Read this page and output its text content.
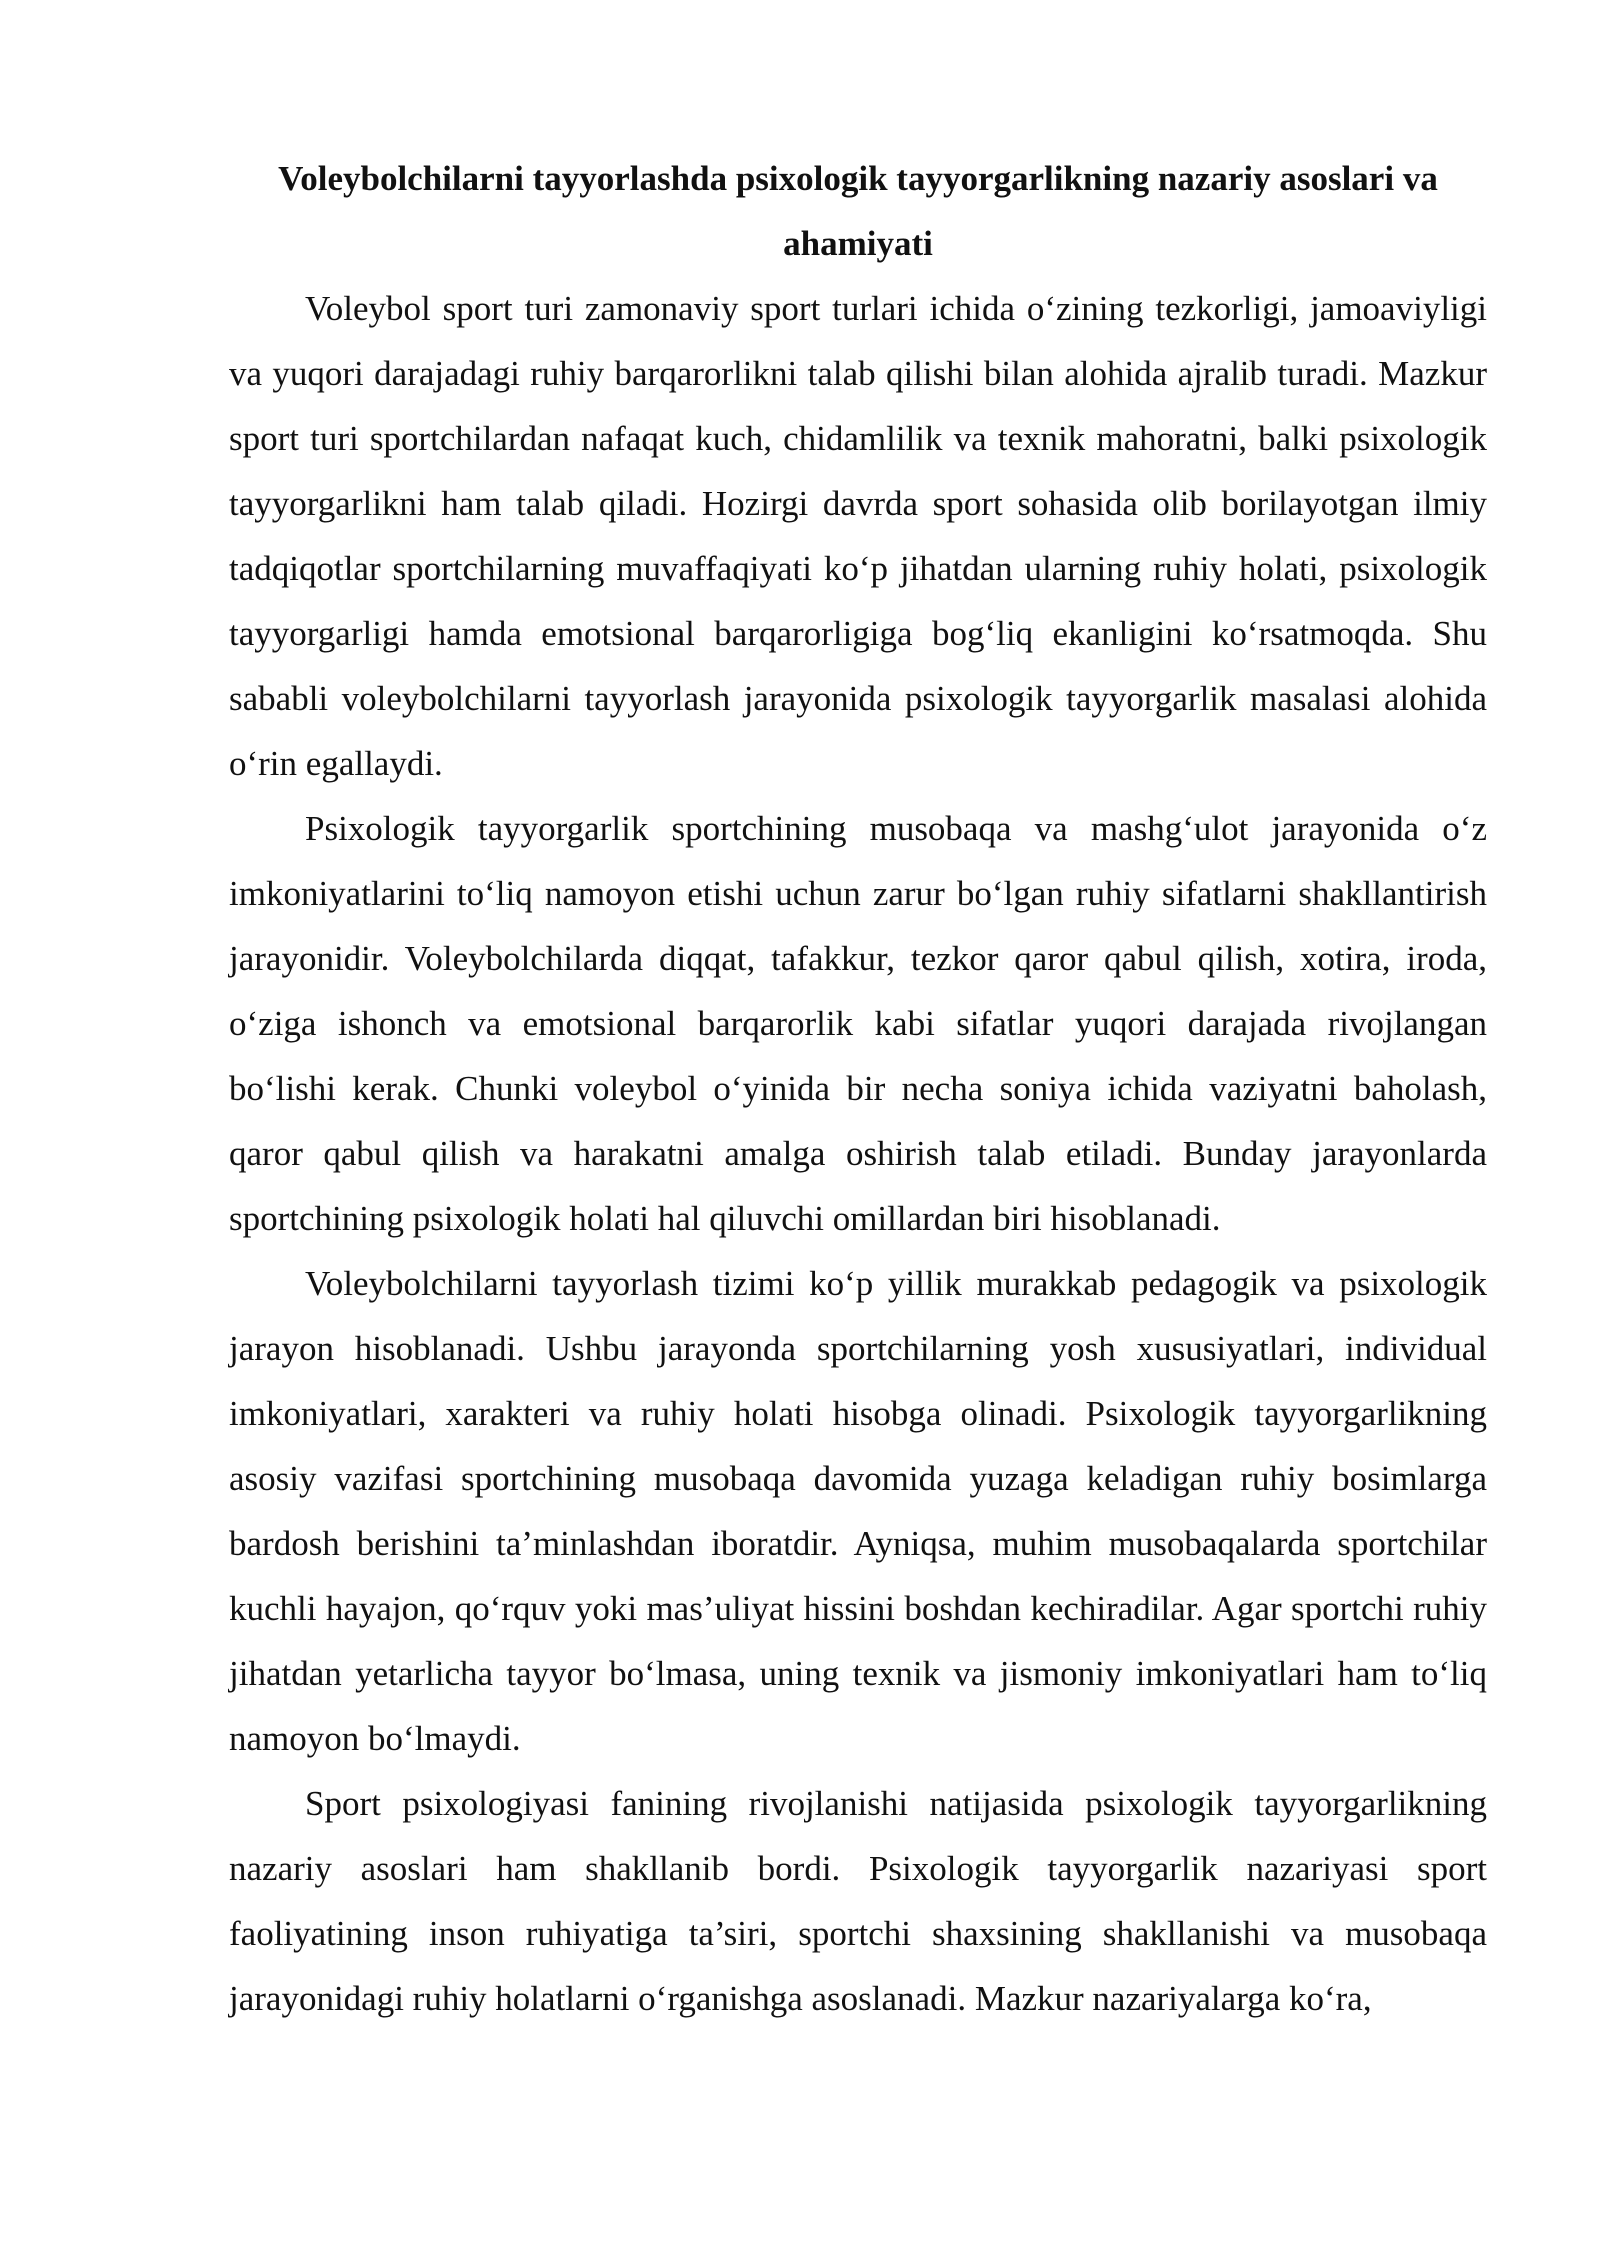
Voleybolchilarni tayyorlashda psixologik tayyorgarlikning nazariy asoslari va ahamiyati

Voleybol sport turi zamonaviy sport turlari ichida o‘zining tezkorligi, jamoaviyligi va yuqori darajadagi ruhiy barqarorlikni talab qilishi bilan alohida ajralib turadi. Mazkur sport turi sportchilardan nafaqat kuch, chidamlilik va texnik mahoratni, balki psixologik tayyorgarlikni ham talab qiladi. Hozirgi davrda sport sohasida olib borilayotgan ilmiy tadqiqotlar sportchilarning muvaffaqiyati ko‘p jihatdan ularning ruhiy holati, psixologik tayyorgarligi hamda emotsional barqarorligiga bog‘liq ekanligini ko‘rsatmoqda. Shu sababli voleybolchilarni tayyorlash jarayonida psixologik tayyorgarlik masalasi alohida o‘rin egallaydi.

Psixologik tayyorgarlik sportchining musobaqa va mashg‘ulot jarayonida o‘z imkoniyatlarini to‘liq namoyon etishi uchun zarur bo‘lgan ruhiy sifatlarni shakllantirish jarayonidir. Voleybolchilarda diqqat, tafakkur, tezkor qaror qabul qilish, xotira, iroda, o‘ziga ishonch va emotsional barqarorlik kabi sifatlar yuqori darajada rivojlangan bo‘lishi kerak. Chunki voleybol o‘yinida bir necha soniya ichida vaziyatni baholash, qaror qabul qilish va harakatni amalga oshirish talab etiladi. Bunday jarayonlarda sportchining psixologik holati hal qiluvchi omillardan biri hisoblanadi.

Voleybolchilarni tayyorlash tizimi ko‘p yillik murakkab pedagogik va psixologik jarayon hisoblanadi. Ushbu jarayonda sportchilarning yosh xususiyatlari, individual imkoniyatlari, xarakteri va ruhiy holati hisobga olinadi. Psixologik tayyorgarlikning asosiy vazifasi sportchining musobaqa davomida yuzaga keladigan ruhiy bosimlarga bardosh berishini ta’minlashdan iboratdir. Ayniqsa, muhim musobaqalarda sportchilar kuchli hayajon, qo‘rquv yoki mas’uliyat hissini boshdan kechiradilar. Agar sportchi ruhiy jihatdan yetarlicha tayyor bo‘lmasa, uning texnik va jismoniy imkoniyatlari ham to‘liq namoyon bo‘lmaydi.

Sport psixologiyasi fanining rivojlanishi natijasida psixologik tayyorgarlikning nazariy asoslari ham shakllanib bordi. Psixologik tayyorgarlik nazariyasi sport faoliyatining inson ruhiyatiga ta’siri, sportchi shaxsining shakllanishi va musobaqa jarayonidagi ruhiy holatlarni o‘rganishga asoslanadi. Mazkur nazariyalarga ko‘ra,
